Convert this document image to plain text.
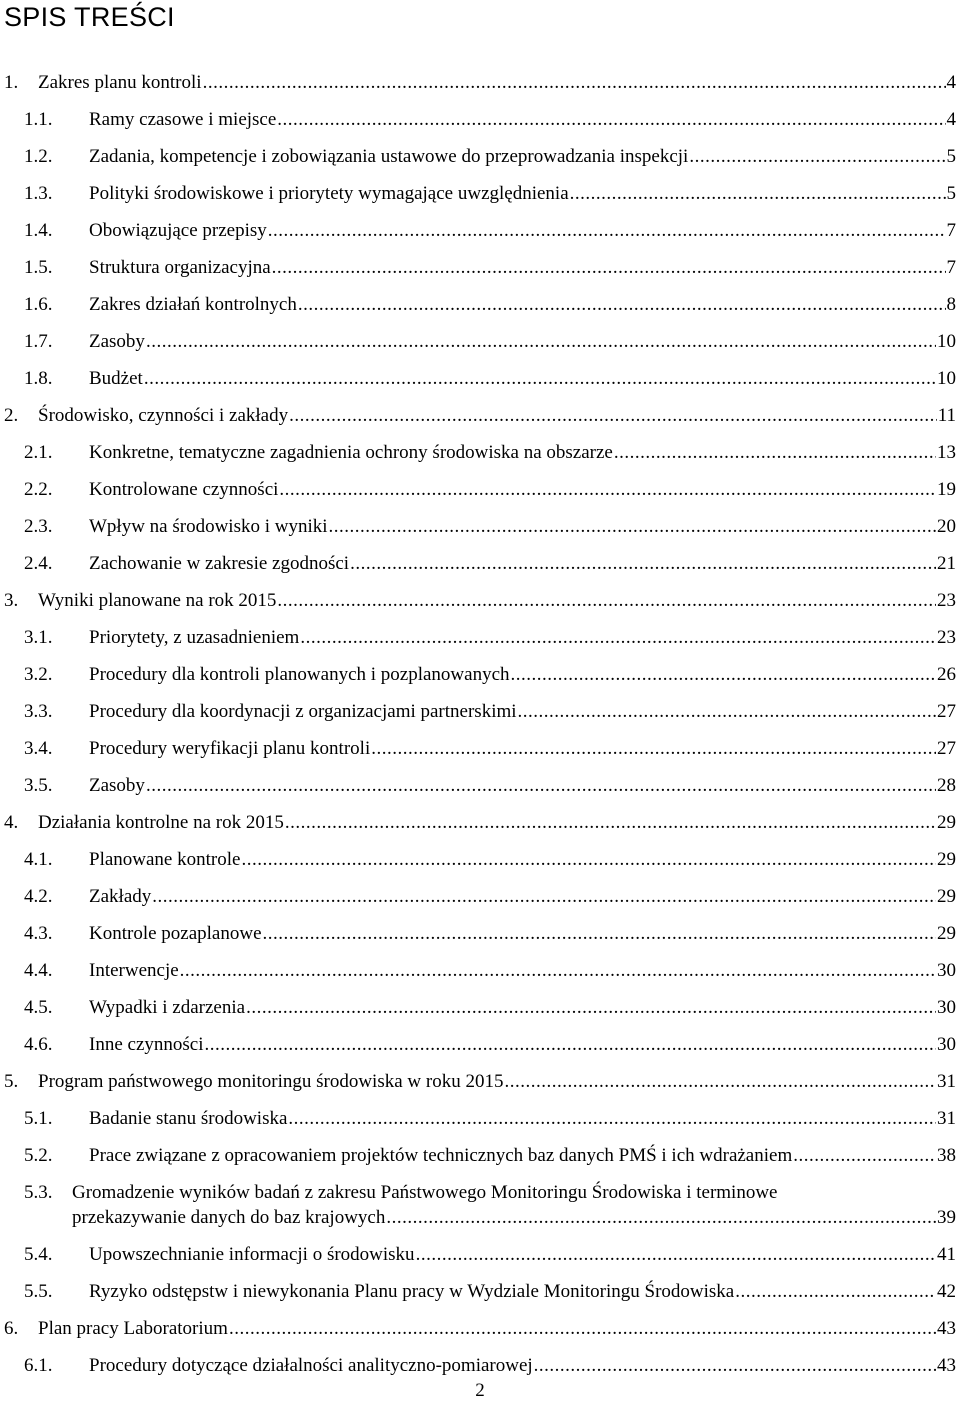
SPIS TREŚCI
1. Zakres planu kontroli .....	4
1.1. Ramy czasowe i miejsce .....	4
1.2. Zadania, kompetencje i zobowiązania ustawowe do przeprowadzania inspekcji .....	5
1.3. Polityki środowiskowe i priorytety wymagające uwzględnienia .....	5
1.4. Obowiązujące przepisy .....	7
1.5. Struktura organizacyjna .....	7
1.6. Zakres działań kontrolnych .....	8
1.7. Zasoby .....	10
1.8. Budżet .....	10
2. Środowisko, czynności i zakłady .....	11
2.1. Konkretne, tematyczne zagadnienia ochrony środowiska na obszarze .....	13
2.2. Kontrolowane czynności .....	19
2.3. Wpływ na środowisko i wyniki .....	20
2.4. Zachowanie w zakresie zgodności .....	21
3. Wyniki planowane na rok 2015 .....	23
3.1. Priorytety, z uzasadnieniem .....	23
3.2. Procedury dla kontroli planowanych i pozplanowanych .....	26
3.3. Procedury dla koordynacji z organizacjami partnerskimi .....	27
3.4. Procedury weryfikacji planu kontroli .....	27
3.5. Zasoby .....	28
4. Działania kontrolne na rok 2015 .....	29
4.1. Planowane kontrole .....	29
4.2. Zakłady .....	29
4.3. Kontrole pozaplanowe .....	29
4.4. Interwencje .....	30
4.5. Wypadki i zdarzenia .....	30
4.6. Inne czynności .....	30
5. Program państwowego monitoringu środowiska w roku 2015 .....	31
5.1. Badanie stanu środowiska .....	31
5.2. Prace związane z opracowaniem projektów technicznych baz danych PMŚ i ich wdrażaniem .....	38
5.3. Gromadzenie wyników badań z zakresu Państwowego Monitoringu Środowiska i terminowe
przekazywanie danych do baz krajowych .....	39
5.4. Upowszechnianie informacji o środowisku .....	41
5.5. Ryzyko odstępstw i niewykonania Planu pracy w Wydziale Monitoringu Środowiska .....	42
6. Plan pracy Laboratorium .....	43
6.1. Procedury dotyczące działalności analityczno-pomiarowej .....	43
2
